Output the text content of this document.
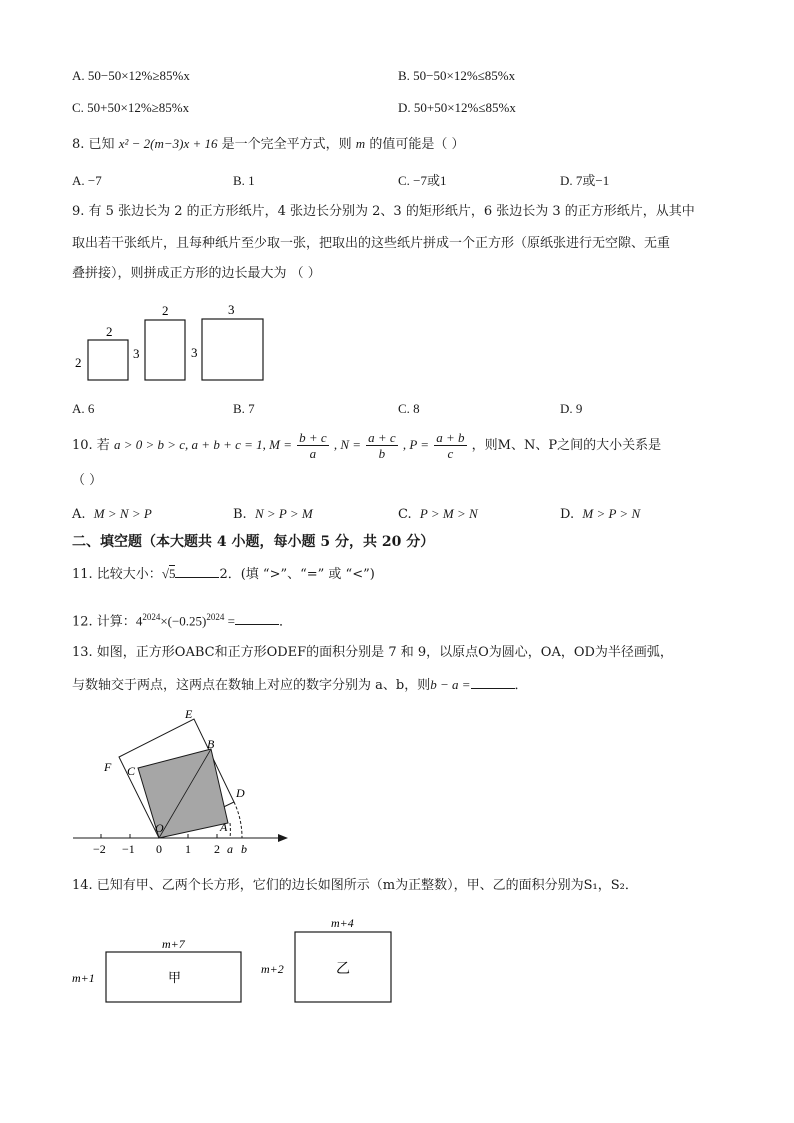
A. 50−50×12%≥85%x	B. 50−50×12%≤85%x
C. 50+50×12%≥85%x	D. 50+50×12%≤85%x
8. 已知 x² − 2(m−3)x + 16 是一个完全平方式，则 m 的值可能是（ ）
A. −7	B. 1	C. −7或1	D. 7或−1
9. 有 5 张边长为 2 的正方形纸片，4 张边长分别为 2、3 的矩形纸片，6 张边长为 3 的正方形纸片，从其中
取出若干张纸片，且每种纸片至少取一张，把取出的这些纸片拼成一个正方形（原纸张进行无空隙、无重
叠拼接），则拼成正方形的边长最大为 （ ）
2
2
2
3
3
3
A. 6	B. 7	C. 8	D. 9
10. 若 a > 0 > b > c, a + b + c = 1, $M = \frac{b + c}{a}$ , $N = \frac{a + c}{b}$ , $P = \frac{a + b}{c}$ ，则M、N、P之间的大小关系是
（ ）
A. M > N > P	B. N > P > M	C. P > M > N	D. M > P > N
二、填空题（本大题共 4 小题，每小题 5 分，共 20 分）
11. 比较大小：√5	2．(填 “>”、“=” 或 “<”)
12. 计算：$4^{2024}\times(-0.25)^{2024}$ =	．
13. 如图，正方形OABC和正方形ODEF的面积分别是 7 和 9，以原点O为圆心，OA，OD为半径画弧，
与数轴交于两点，这两点在数轴上对应的数字分别为 a、b，则b − a =	．
−2 −1 0 1 2 a b
E
B
F C
D
O	A
14. 已知有甲、乙两个长方形，它们的边长如图所示（m为正整数），甲、乙的面积分别为S₁，S₂．
m+7
m+1	甲
m+4
m+2	乙
